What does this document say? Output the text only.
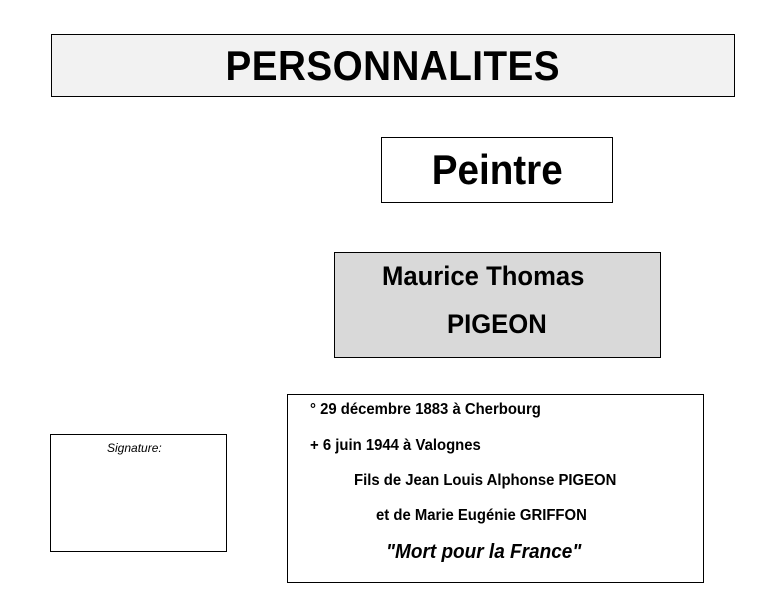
PERSONNALITES
Peintre
Maurice Thomas
PIGEON
Signature:
° 29 décembre 1883 à Cherbourg
+ 6 juin 1944 à Valognes
Fils de Jean Louis Alphonse PIGEON
et de Marie Eugénie GRIFFON
"Mort pour la France"
